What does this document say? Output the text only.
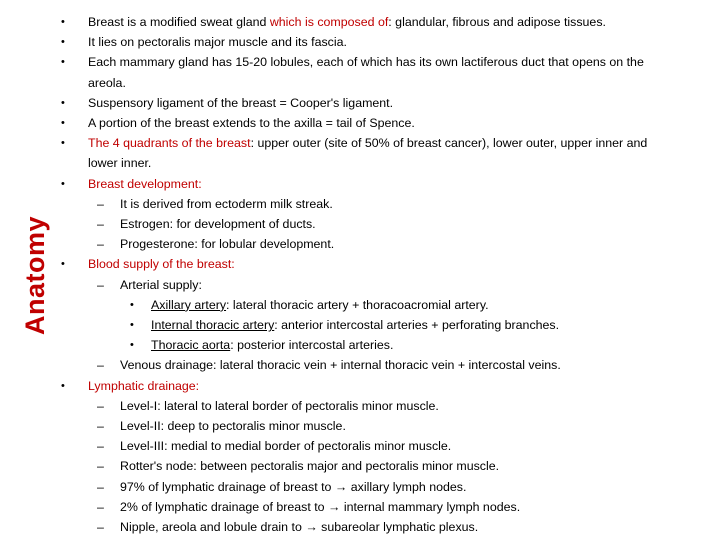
Anatomy
• Breast is a modified sweat gland which is composed of: glandular, fibrous and adipose tissues.
• It lies on pectoralis major muscle and its fascia.
• Each mammary gland has 15-20 lobules, each of which has its own lactiferous duct that opens on the
areola.
• Suspensory ligament of the breast = Cooper's ligament.
• A portion of the breast extends to the axilla = tail of Spence.
• The 4 quadrants of the breast: upper outer (site of 50% of breast cancer), lower outer, upper inner and
lower inner.
• Breast development:
– It is derived from ectoderm milk streak.
– Estrogen: for development of ducts.
– Progesterone: for lobular development.
• Blood supply of the breast:
– Arterial supply:
• Axillary artery: lateral thoracic artery + thoracoacromial artery.
• Internal thoracic artery: anterior intercostal arteries + perforating branches.
• Thoracic aorta: posterior intercostal arteries.
– Venous drainage: lateral thoracic vein + internal thoracic vein + intercostal veins.
• Lymphatic drainage:
– Level-I: lateral to lateral border of pectoralis minor muscle.
– Level-II: deep to pectoralis minor muscle.
– Level-III: medial to medial border of pectoralis minor muscle.
– Rotter's node: between pectoralis major and pectoralis minor muscle.
– 97% of lymphatic drainage of breast to → axillary lymph nodes.
– 2% of lymphatic drainage of breast to → internal mammary lymph nodes.
– Nipple, areola and lobule drain to → subareolar lymphatic plexus.
